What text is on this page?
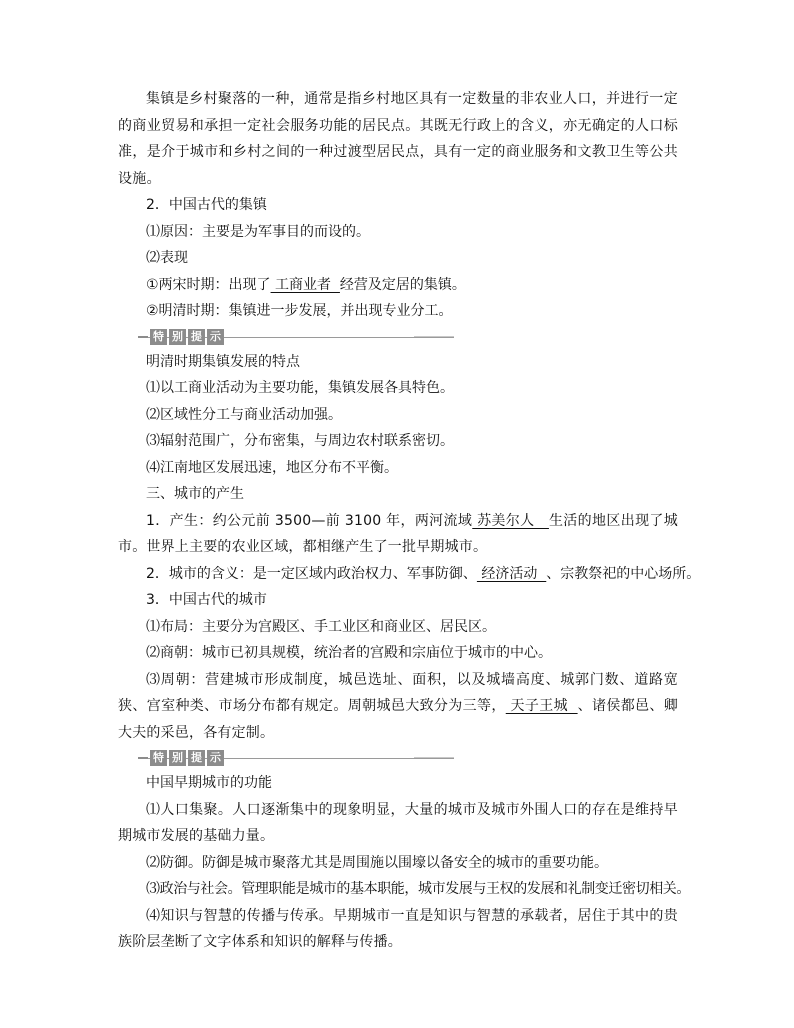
集镇是乡村聚落的一种，通常是指乡村地区具有一定数量的非农业人口，并进行一定的商业贸易和承担一定社会服务功能的居民点。其既无行政上的含义，亦无确定的人口标准，是介于城市和乡村之间的一种过渡型居民点，具有一定的商业服务和文教卫生等公共设施。

2．中国古代的集镇

⑴原因：主要是为军事目的而设的。

⑵表现

①两宋时期：出现了 工商业者  经营及定居的集镇。

②明清时期：集镇进一步发展，并出现专业分工。

特 别 提 示

明清时期集镇发展的特点

⑴以工商业活动为主要功能，集镇发展各具特色。

⑵区域性分工与商业活动加强。

⑶辐射范围广，分布密集，与周边农村联系密切。

⑷江南地区发展迅速，地区分布不平衡。

三、城市的产生

1．产生：约公元前 3500—前 3100 年，两河流域 苏美尔人   生活的地区出现了城市。世界上主要的农业区域，都相继产生了一批早期城市。

2．城市的含义：是一定区域内政治权力、军事防御、 经济活动  、宗教祭祀的中心场所。

3．中国古代的城市

⑴布局：主要分为宫殿区、手工业区和商业区、居民区。

⑵商朝：城市已初具规模，统治者的宫殿和宗庙位于城市的中心。

⑶周朝：营建城市形成制度，城邑选址、面积，以及城墙高度、城郭门数、道路宽狭、宫室种类、市场分布都有规定。周朝城邑大致分为三等， 天子王城  、诸侯都邑、卿大夫的采邑，各有定制。

特 别 提 示

中国早期城市的功能

⑴人口集聚。人口逐渐集中的现象明显，大量的城市及城市外围人口的存在是维持早期城市发展的基础力量。

⑵防御。防御是城市聚落尤其是周围施以围壕以备安全的城市的重要功能。

⑶政治与社会。管理职能是城市的基本职能，城市发展与王权的发展和礼制变迁密切相关。

⑷知识与智慧的传播与传承。早期城市一直是知识与智慧的承载者，居住于其中的贵族阶层垄断了文字体系和知识的解释与传播。
